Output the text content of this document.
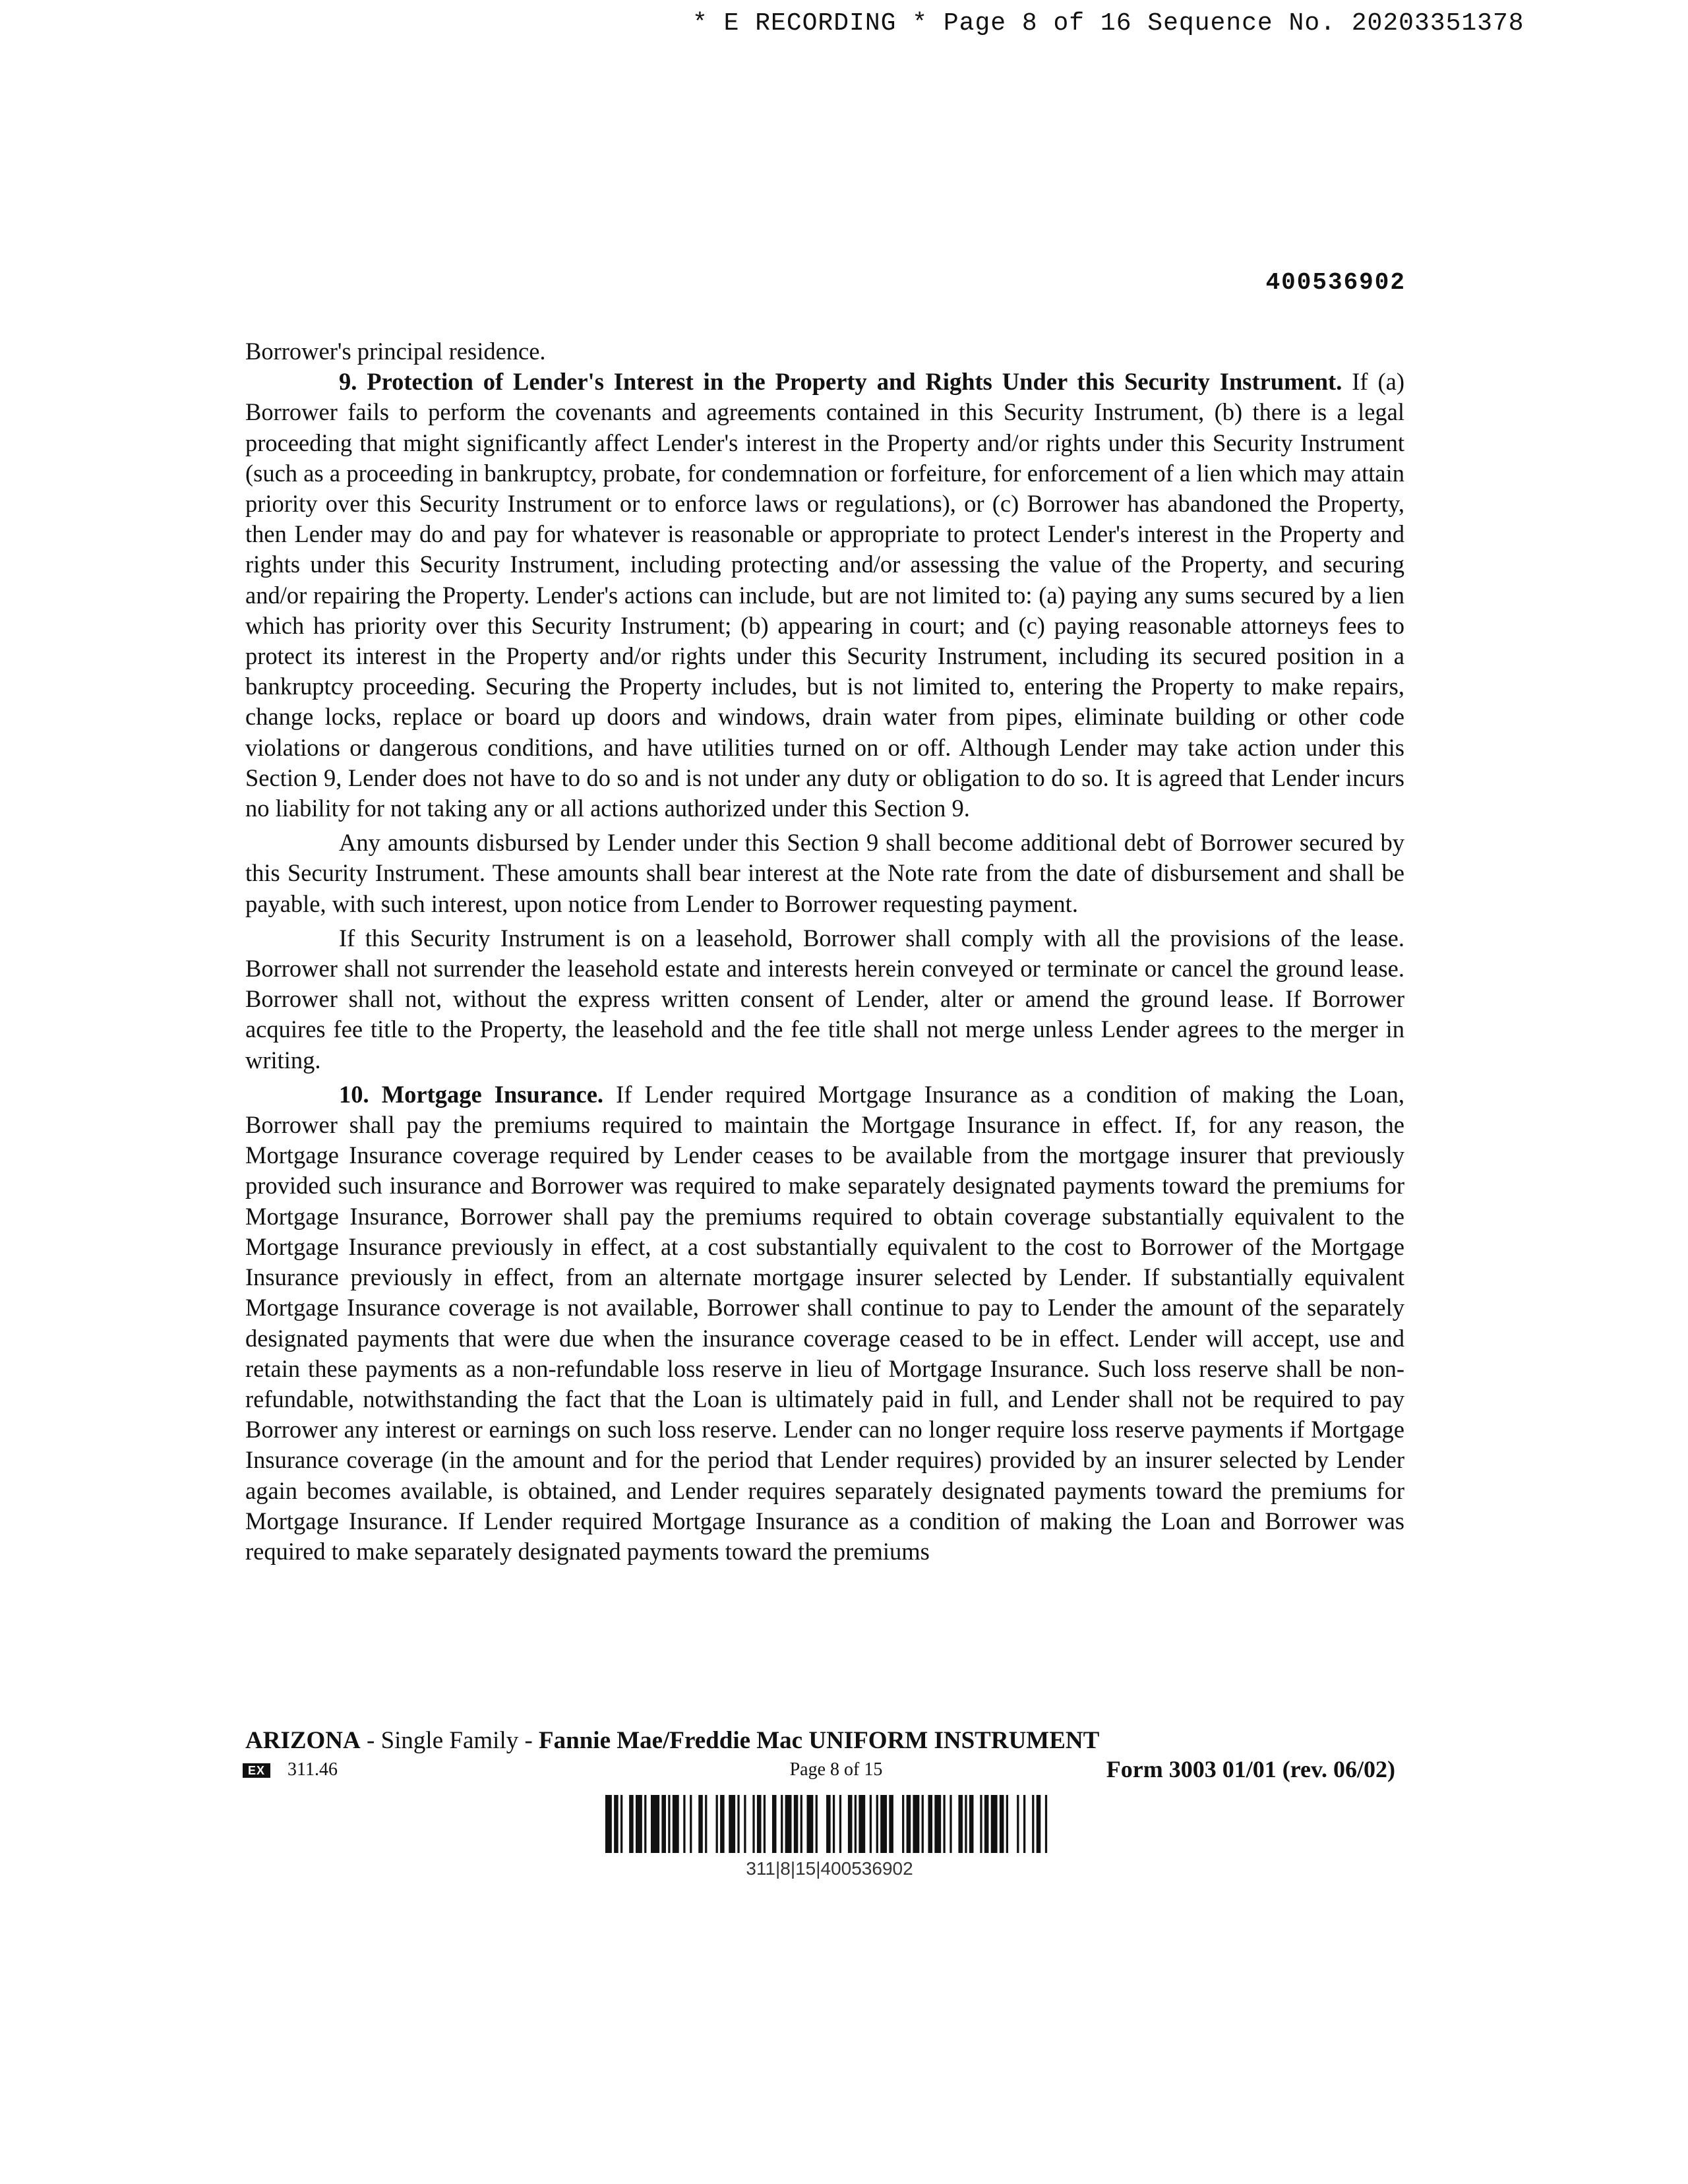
* E RECORDING * Page 8 of 16 Sequence No. 20203351378
400536902

Borrower's principal residence.

9. Protection of Lender's Interest in the Property and Rights Under this Security Instrument. If (a) Borrower fails to perform the covenants and agreements contained in this Security Instrument, (b) there is a legal proceeding that might significantly affect Lender's interest in the Property and/or rights under this Security Instrument (such as a proceeding in bankruptcy, probate, for condemnation or forfeiture, for enforcement of a lien which may attain priority over this Security Instrument or to enforce laws or regulations), or (c) Borrower has abandoned the Property, then Lender may do and pay for whatever is reasonable or appropriate to protect Lender's interest in the Property and rights under this Security Instrument, including protecting and/or assessing the value of the Property, and securing and/or repairing the Property. Lender's actions can include, but are not limited to: (a) paying any sums secured by a lien which has priority over this Security Instrument; (b) appearing in court; and (c) paying reasonable attorneys fees to protect its interest in the Property and/or rights under this Security Instrument, including its secured position in a bankruptcy proceeding. Securing the Property includes, but is not limited to, entering the Property to make repairs, change locks, replace or board up doors and windows, drain water from pipes, eliminate building or other code violations or dangerous conditions, and have utilities turned on or off. Although Lender may take action under this Section 9, Lender does not have to do so and is not under any duty or obligation to do so. It is agreed that Lender incurs no liability for not taking any or all actions authorized under this Section 9.

Any amounts disbursed by Lender under this Section 9 shall become additional debt of Borrower secured by this Security Instrument. These amounts shall bear interest at the Note rate from the date of disbursement and shall be payable, with such interest, upon notice from Lender to Borrower requesting payment.

If this Security Instrument is on a leasehold, Borrower shall comply with all the provisions of the lease. Borrower shall not surrender the leasehold estate and interests herein conveyed or terminate or cancel the ground lease. Borrower shall not, without the express written consent of Lender, alter or amend the ground lease. If Borrower acquires fee title to the Property, the leasehold and the fee title shall not merge unless Lender agrees to the merger in writing.

10. Mortgage Insurance. If Lender required Mortgage Insurance as a condition of making the Loan, Borrower shall pay the premiums required to maintain the Mortgage Insurance in effect. If, for any reason, the Mortgage Insurance coverage required by Lender ceases to be available from the mortgage insurer that previously provided such insurance and Borrower was required to make separately designated payments toward the premiums for Mortgage Insurance, Borrower shall pay the premiums required to obtain coverage substantially equivalent to the Mortgage Insurance previously in effect, at a cost substantially equivalent to the cost to Borrower of the Mortgage Insurance previously in effect, from an alternate mortgage insurer selected by Lender. If substantially equivalent Mortgage Insurance coverage is not available, Borrower shall continue to pay to Lender the amount of the separately designated payments that were due when the insurance coverage ceased to be in effect. Lender will accept, use and retain these payments as a non-refundable loss reserve in lieu of Mortgage Insurance. Such loss reserve shall be non-refundable, notwithstanding the fact that the Loan is ultimately paid in full, and Lender shall not be required to pay Borrower any interest or earnings on such loss reserve. Lender can no longer require loss reserve payments if Mortgage Insurance coverage (in the amount and for the period that Lender requires) provided by an insurer selected by Lender again becomes available, is obtained, and Lender requires separately designated payments toward the premiums for Mortgage Insurance. If Lender required Mortgage Insurance as a condition of making the Loan and Borrower was required to make separately designated payments toward the premiums

ARIZONA - Single Family - Fannie Mae/Freddie Mac UNIFORM INSTRUMENT
EX 311.46	Page 8 of 15	Form 3003 01/01 (rev. 06/02)
311|8|15|400536902
